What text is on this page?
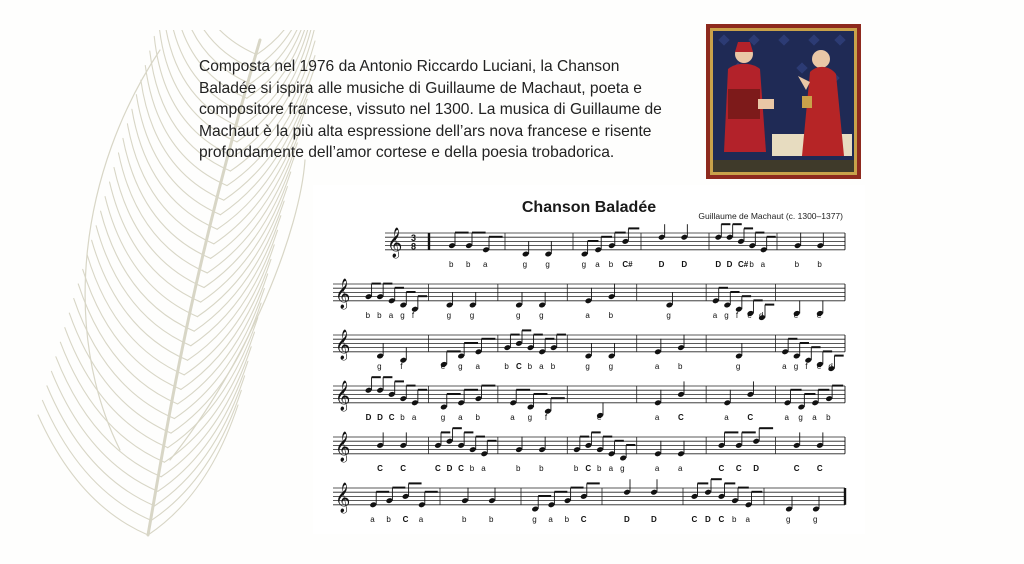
Composta nel 1976 da Antonio Riccardo Luciani, la Chanson Baladée si ispira alle musiche di Guillaume de Machaut, poeta e compositore francese, vissuto nel 1300. La musica di Guillaume de Machaut è la più alta espressione dell’ars nova francese e risente profondamente dell’amor cortese e della poesia trobadorica.

Chanson Baladée	Guillaume de Machaut (c. 1300–1377)
𝄞 3
8
b b a	g g	g a b C#	D D	D D C# b a	b b
𝄞
b b a g f	g g	g g	a b	g	a g f e d	e e
𝄞
g f	e g a	b C b a b	g g	a b	g	a g f e d
𝄞
D D C b a	g a b	a g f	e	a C	a C	a g a b
𝄞
C C	C D C b a	b b	b C b a g	a a	C C D	C C
𝄞
a b C a	b	b	g a b C	D	D	C D C b a	g	g
